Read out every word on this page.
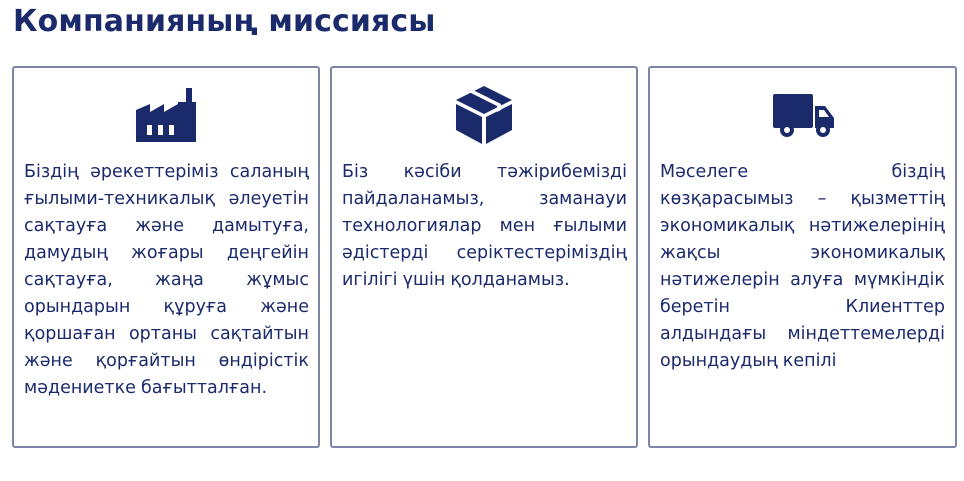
Компанияның миссиясы

Біздің әрекеттеріміз саланың ғылыми-техникалық әлеуетін сақтауға және дамытуға, дамудың жоғары деңгейін сақтауға, жаңа жұмыс орындарын құруға және қоршаған ортаны сақтайтын және қорғайтын өндірістік мәдениетке бағытталған.

Біз кәсіби тәжірибемізді пайдаланамыз, заманауи технологиялар мен ғылыми әдістерді серіктестеріміздің игілігі үшін қолданамыз.

Мәселеге біздің көзқарасымыз – қызметтің экономикалық нәтижелерінің жақсы экономикалық нәтижелерін алуға мүмкіндік беретін Клиенттер алдындағы міндеттемелерді орындаудың кепілі
